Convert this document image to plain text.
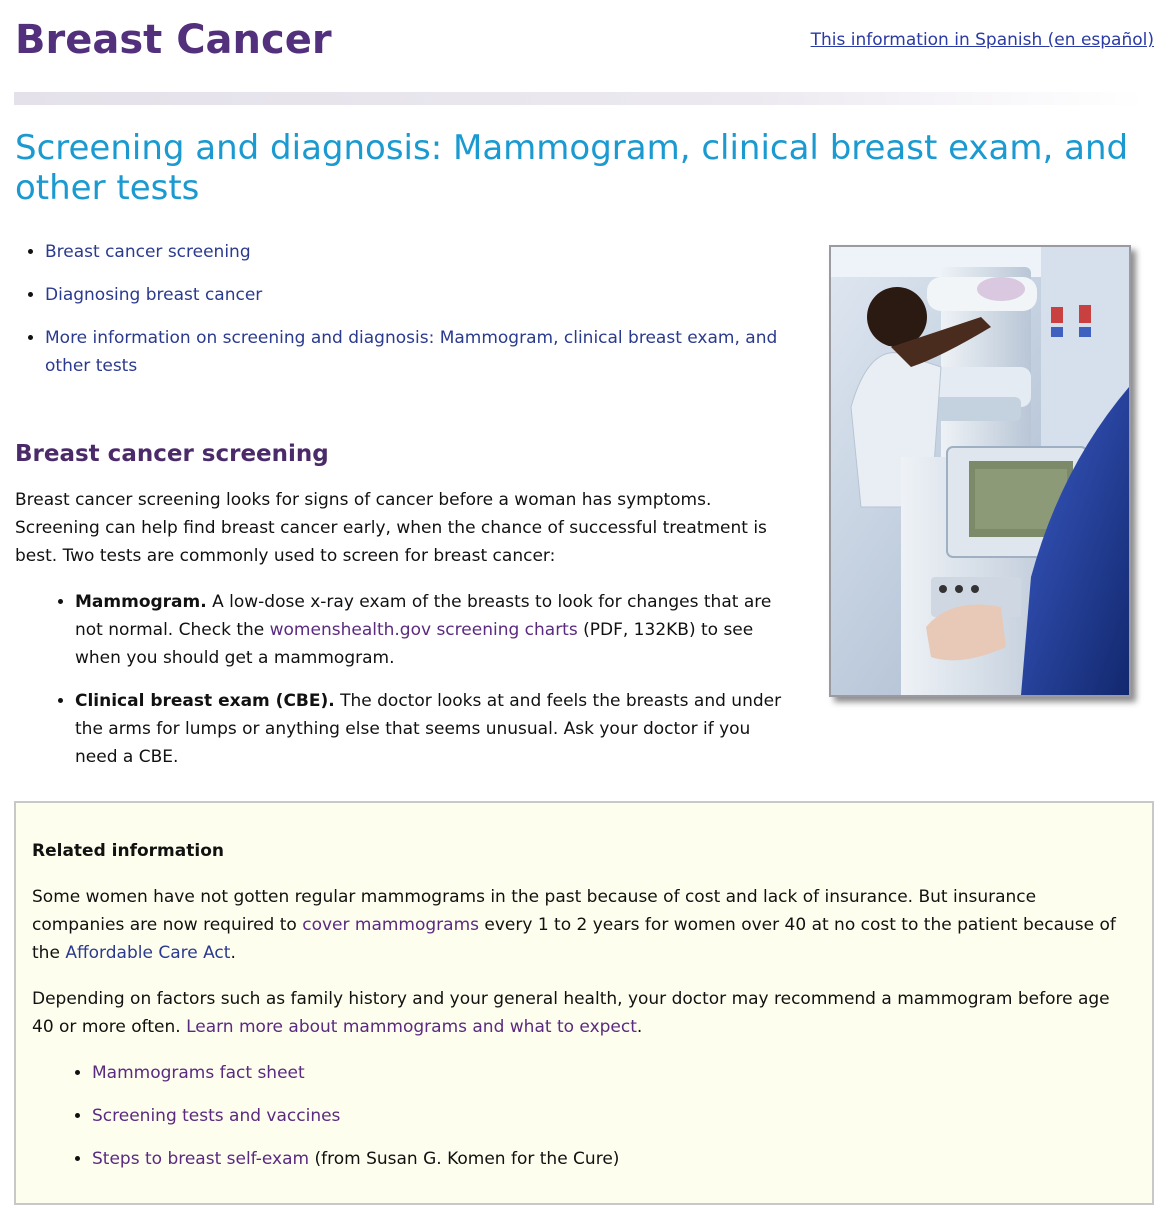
Breast Cancer	This information in Spanish (en español)
Screening and diagnosis: Mammogram, clinical breast exam, and other tests
• Breast cancer screening
• Diagnosing breast cancer
• More information on screening and diagnosis: Mammogram, clinical breast exam, and other tests
Breast cancer screening

Breast cancer screening looks for signs of cancer before a woman has symptoms. Screening can help find breast cancer early, when the chance of successful treatment is best. Two tests are commonly used to screen for breast cancer:

• Mammogram. A low-dose x-ray exam of the breasts to look for changes that are not normal. Check the womenshealth.gov screening charts (PDF, 132KB) to see when you should get a mammogram.
• Clinical breast exam (CBE). The doctor looks at and feels the breasts and under the arms for lumps or anything else that seems unusual. Ask your doctor if you need a CBE.
Related information

Some women have not gotten regular mammograms in the past because of cost and lack of insurance. But insurance companies are now required to cover mammograms every 1 to 2 years for women over 40 at no cost to the patient because of the Affordable Care Act.

Depending on factors such as family history and your general health, your doctor may recommend a mammogram before age 40 or more often. Learn more about mammograms and what to expect.

• Mammograms fact sheet
• Screening tests and vaccines
• Steps to breast self-exam (from Susan G. Komen for the Cure)
